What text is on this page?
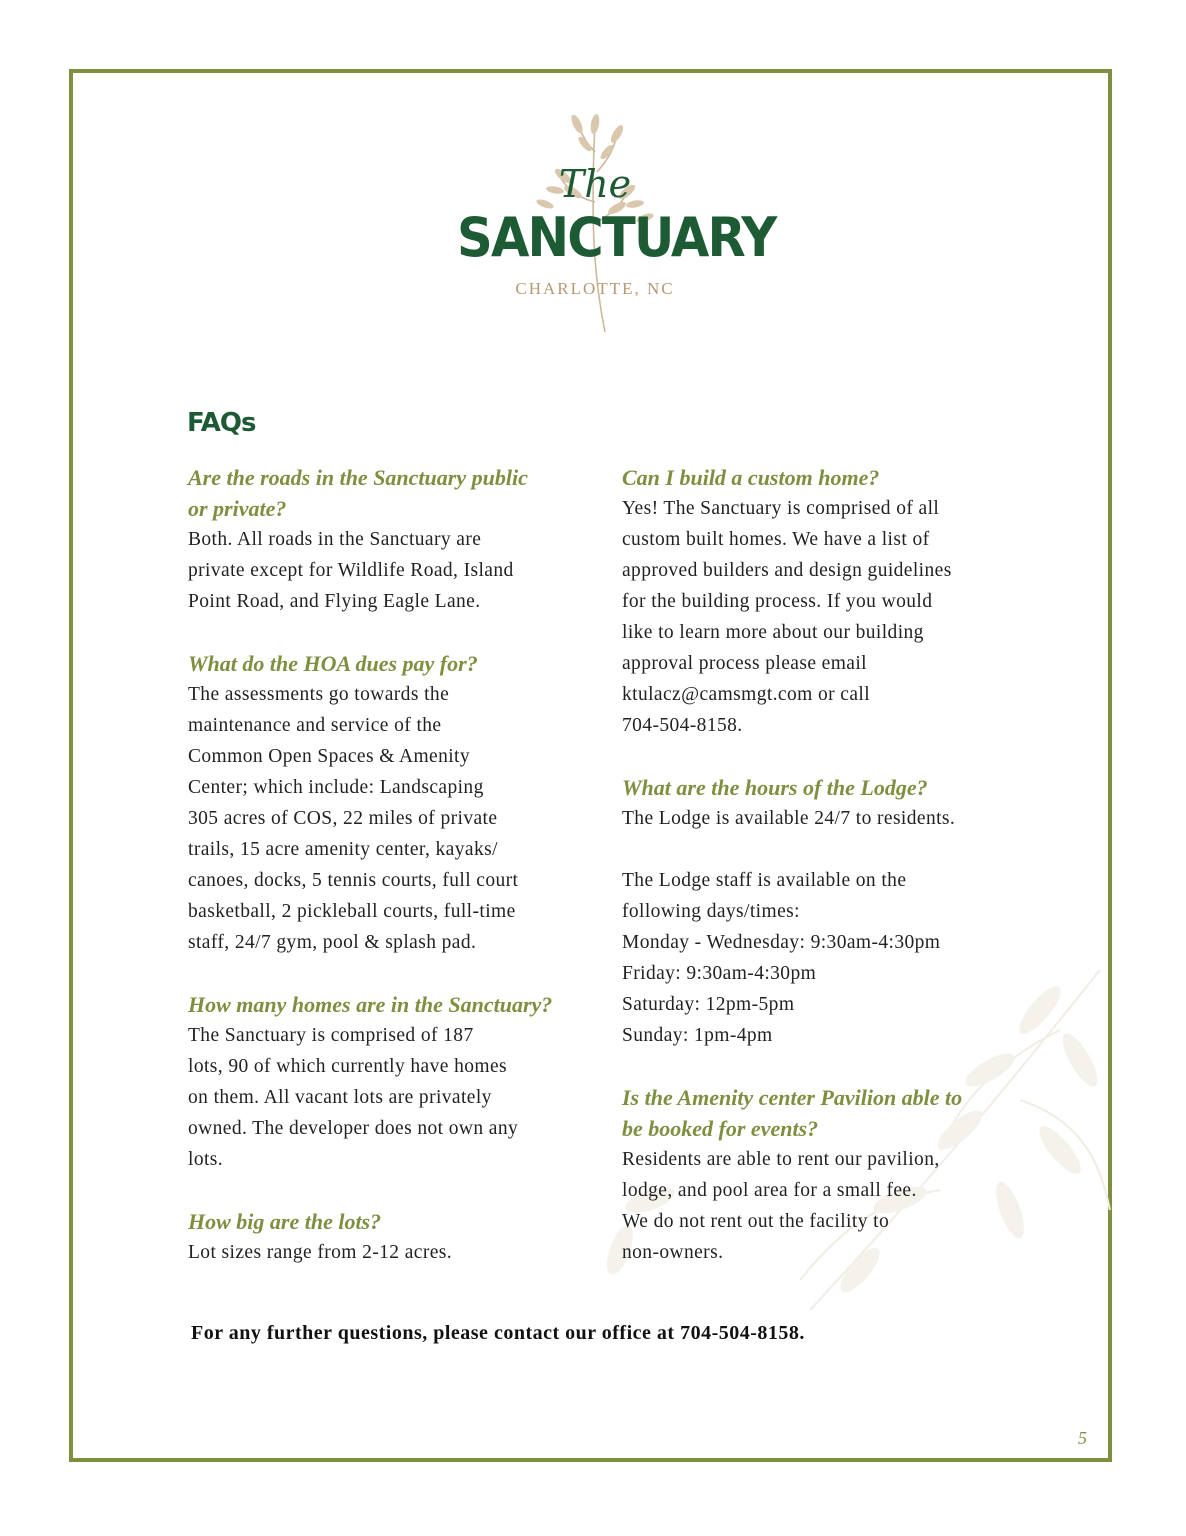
The
SANCTUARY
CHARLOTTE, NC
FAQs

Are the roads in the Sanctuary public

or private?

Both. All roads in the Sanctuary are

private except for Wildlife Road, Island

Point Road, and Flying Eagle Lane.

What do the HOA dues pay for?

The assessments go towards the

maintenance and service of the

Common Open Spaces & Amenity

Center; which include: Landscaping

305 acres of COS, 22 miles of private

trails, 15 acre amenity center, kayaks/

canoes, docks, 5 tennis courts, full court

basketball, 2 pickleball courts, full-time

staff, 24/7 gym, pool & splash pad.

How many homes are in the Sanctuary?

The Sanctuary is comprised of 187

lots, 90 of which currently have homes

on them. All vacant lots are privately

owned. The developer does not own any

lots.

How big are the lots?

Lot sizes range from 2-12 acres.

Can I build a custom home?

Yes! The Sanctuary is comprised of all

custom built homes. We have a list of

approved builders and design guidelines

for the building process. If you would

like to learn more about our building

approval process please email

ktulacz@camsmgt.com or call

704-504-8158.

What are the hours of the Lodge?

The Lodge is available 24/7 to residents.

The Lodge staff is available on the

following days/times:

Monday - Wednesday: 9:30am-4:30pm

Friday: 9:30am-4:30pm

Saturday: 12pm-5pm

Sunday: 1pm-4pm

Is the Amenity center Pavilion able to

be booked for events?

Residents are able to rent our pavilion,

lodge, and pool area for a small fee.

We do not rent out the facility to

non-owners.

For any further questions, please contact our office at 704-504-8158.

5
